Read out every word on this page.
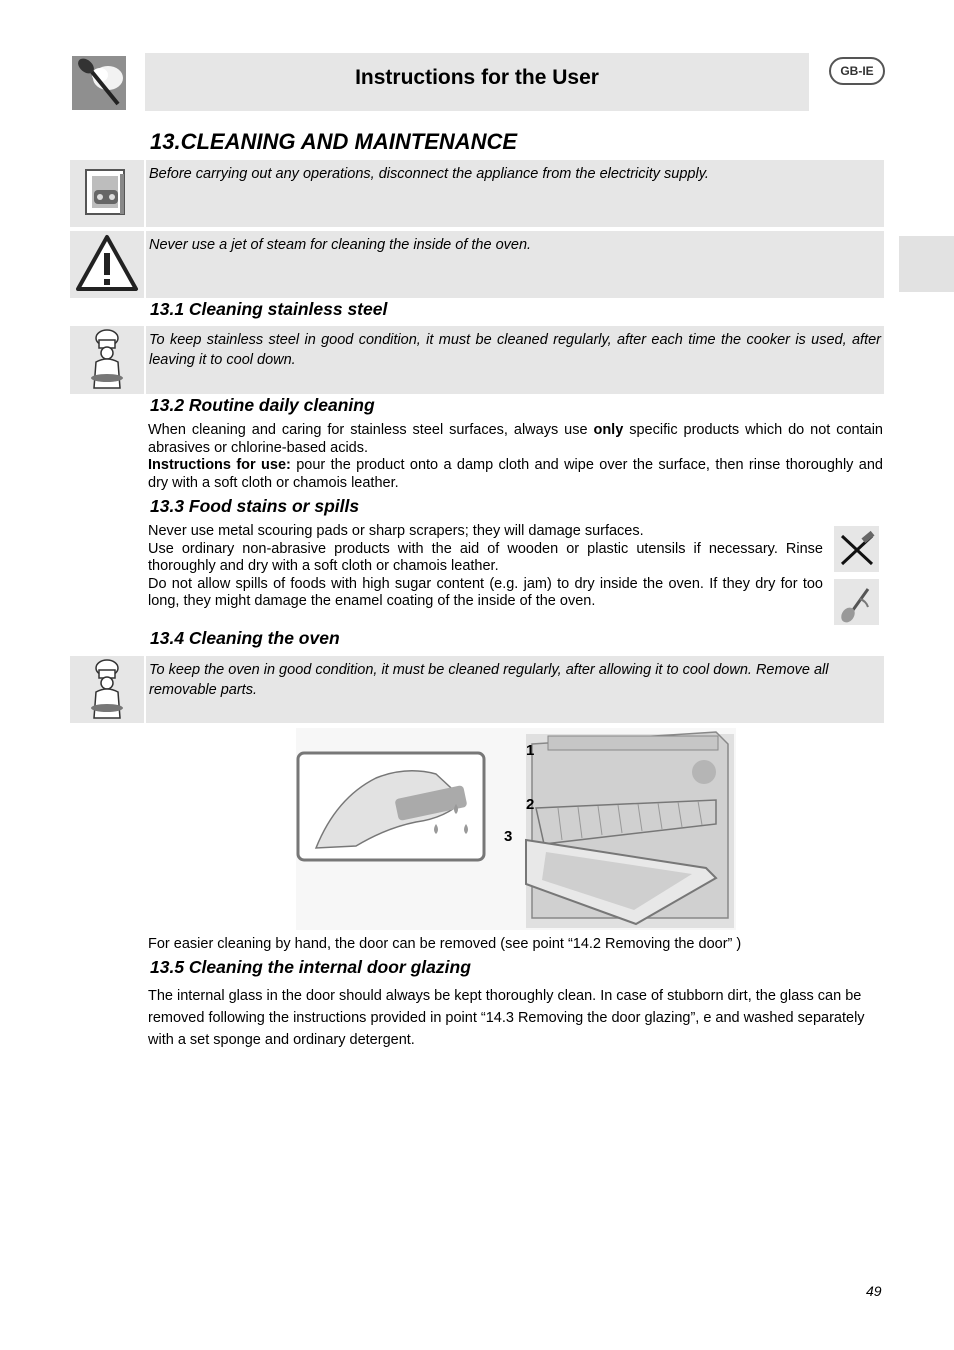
Instructions for the User	GB-IE
13.CLEANING AND MAINTENANCE
Before carrying out any operations, disconnect the appliance from the electricity supply.
Never use a jet of steam for cleaning the inside of the oven.
13.1 Cleaning stainless steel
To keep stainless steel in good condition, it must be cleaned regularly, after each time the cooker is used, after leaving it to cool down.
13.2 Routine daily cleaning
When cleaning and caring for stainless steel surfaces, always use only specific products which do not contain abrasives or chlorine-based acids.
Instructions for use: pour the product onto a damp cloth and wipe over the surface, then rinse thoroughly and dry with a soft cloth or chamois leather.
13.3 Food stains or spills
Never use metal scouring pads or sharp scrapers; they will damage surfaces.
Use ordinary non-abrasive products with the aid of wooden or plastic utensils if necessary. Rinse thoroughly and dry with a soft cloth or chamois leather.
Do not allow spills of foods with high sugar content (e.g. jam) to dry inside the oven. If they dry for too long, they might damage the enamel coating of the inside of the oven.
13.4 Cleaning the oven
To keep the oven in good condition, it must be cleaned regularly, after allowing it to cool down. Remove all removable parts.
1
2
3
For easier cleaning by hand, the door can be removed (see point “14.2 Removing the door” )
13.5 Cleaning the internal door glazing
The internal glass in the door should always be kept thoroughly clean. In case of stubborn dirt, the glass can be removed following the instructions provided in point “14.3 Removing the door glazing”, e and washed separately with a set sponge and ordinary detergent.
49
